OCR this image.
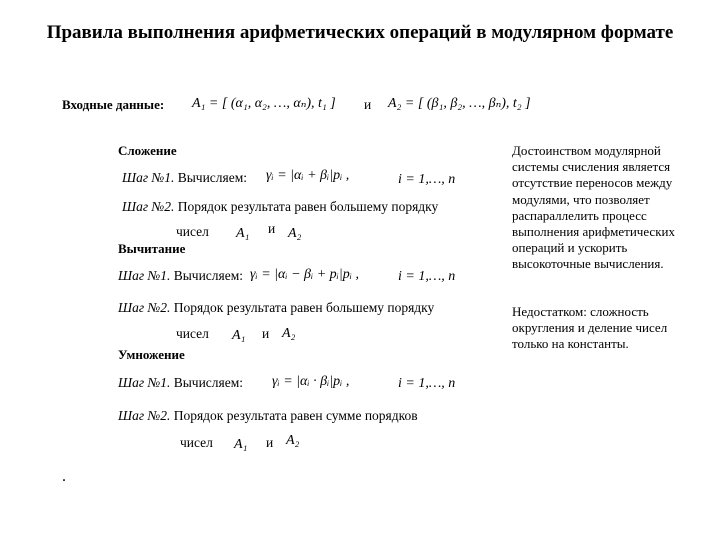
Правила выполнения арифметических операций в модулярном формате
Входные данные: A₁ = [ (α₁, α₂, …, αₙ), t₁ ] и A₂ = [ (β₁, β₂, …, βₙ), t₂ ]
Сложение
Шаг №1. Вычисляем: γᵢ = |αᵢ + βᵢ|pᵢ ,	i = 1,…, n
Шаг №2. Порядок результата равен большему порядку
чисел A₁ и A₂
Вычитание
Шаг №1. Вычисляем: γᵢ = |αᵢ − βᵢ + pᵢ|pᵢ ,	i = 1,…, n
Шаг №2. Порядок результата равен большему порядку
чисел A₁ и A₂
Умножение
Шаг №1. Вычисляем: γᵢ = |αᵢ · βᵢ|pᵢ ,	i = 1,…, n
Шаг №2. Порядок результата равен сумме порядков
чисел A₁ и A₂
.
Достоинством модулярной системы счисления является отсутствие переносов между модулями, что позволяет распараллелить процесс выполнения арифметических операций и ускорить высокоточные вычисления.
Недостатком: сложность округления и деление чисел только на константы.
